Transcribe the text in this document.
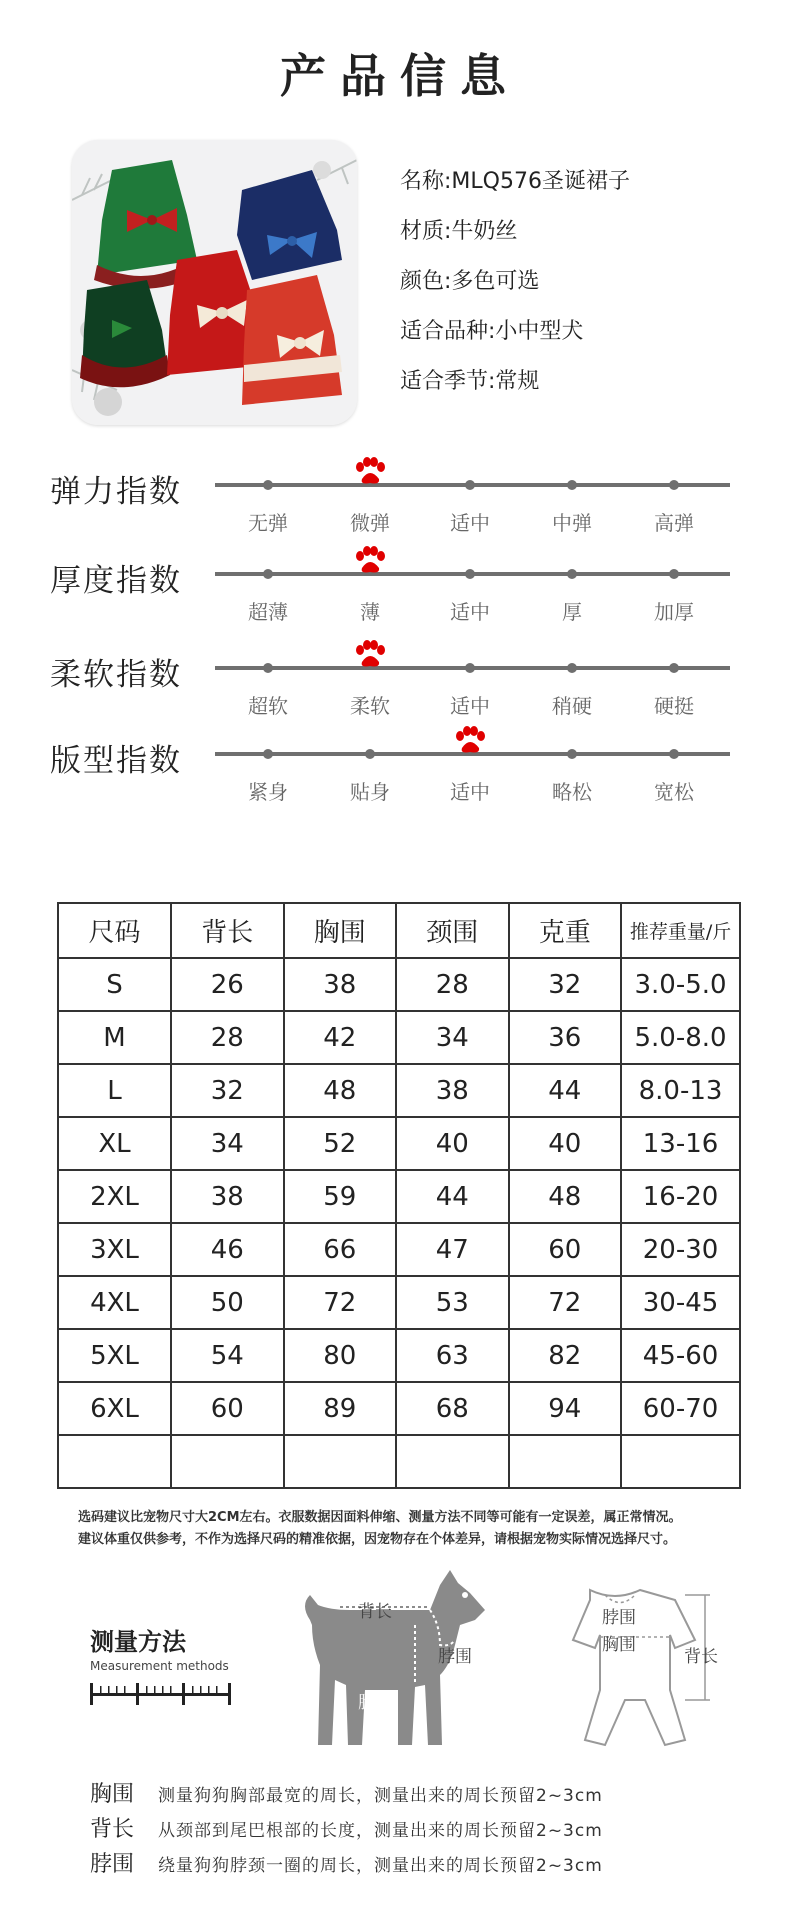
产品信息
名称:MLQ576圣诞裙子
材质:牛奶丝
颜色:多色可选
适合品种:小中型犬
适合季节:常规
弹力指数
无弹	微弹	适中	中弹	高弹
厚度指数
超薄	薄	适中	厚	加厚
柔软指数
超软	柔软	适中	稍硬	硬挺
版型指数
紧身	贴身	适中	略松	宽松
尺码	背长	胸围	颈围	克重	推荐重量/斤
S	26	38	28	32	3.0-5.0
M	28	42	34	36	5.0-8.0
L	32	48	38	44	8.0-13
XL	34	52	40	40	13-16
2XL	38	59	44	48	16-20
3XL	46	66	47	60	20-30
4XL	50	72	53	72	30-45
5XL	54	80	63	82	45-60
6XL	60	89	68	94	60-70

选码建议比宠物尺寸大2CM左右。衣服数据因面料伸缩、测量方法不同等可能有一定误差，属正常情况。
建议体重仅供参考，不作为选择尺码的精准依据，因宠物存在个体差异，请根据宠物实际情况选择尺寸。
测量方法
Measurement methods
背长
脖围
胸围
脖围
胸围
背长
胸围 测量狗狗胸部最宽的周长，测量出来的周长预留2~3cm
背长 从颈部到尾巴根部的长度，测量出来的周长预留2~3cm
脖围 绕量狗狗脖颈一圈的周长，测量出来的周长预留2~3cm
